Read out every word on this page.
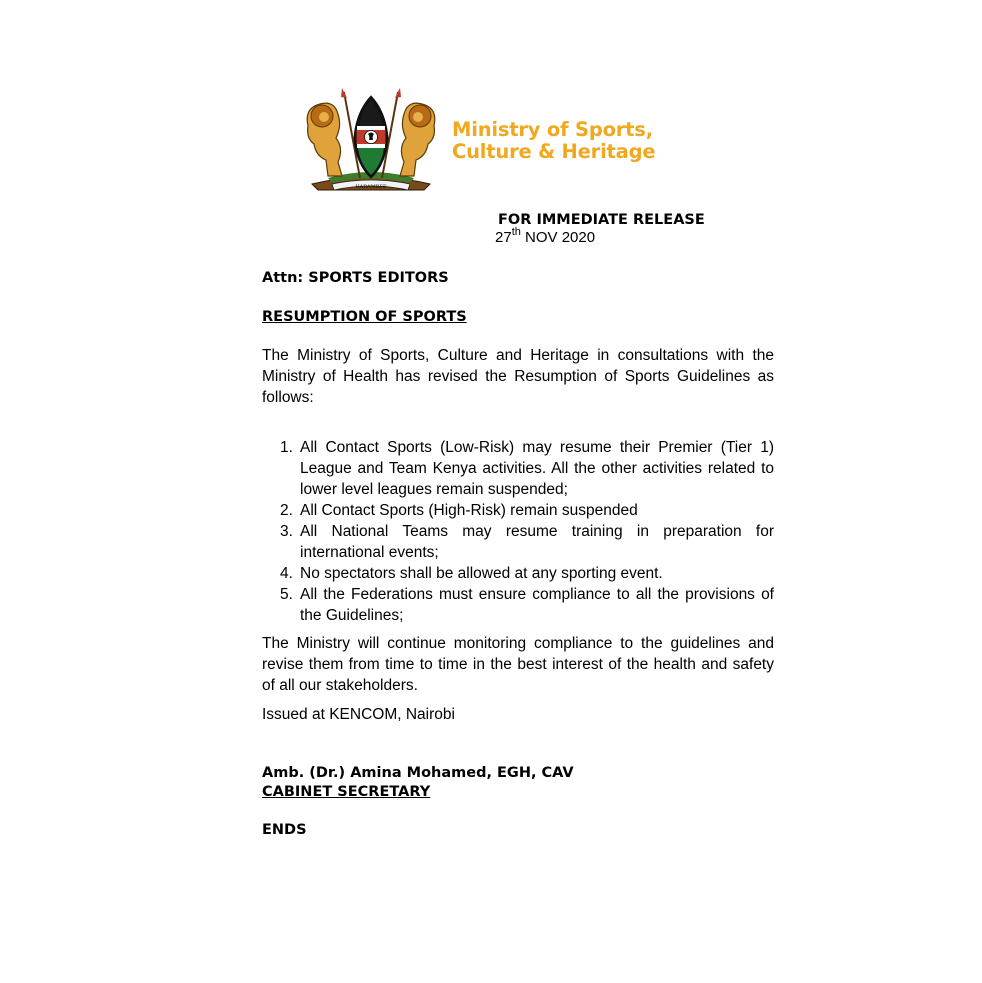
HARAMBEE
Ministry of Sports,
Culture & Heritage
FOR IMMEDIATE RELEASE
27th NOV 2020
Attn: SPORTS EDITORS
RESUMPTION OF SPORTS
The Ministry of Sports, Culture and Heritage in consultations with the Ministry of Health has revised the Resumption of Sports Guidelines as follows:
1. All Contact Sports (Low-Risk) may resume their Premier (Tier 1) League and Team Kenya activities. All the other activities related to lower level leagues remain suspended;
2. All Contact Sports (High-Risk) remain suspended
3. All National Teams may resume training in preparation for international events;
4. No spectators shall be allowed at any sporting event.
5. All the Federations must ensure compliance to all the provisions of the Guidelines;
The Ministry will continue monitoring compliance to the guidelines and revise them from time to time in the best interest of the health and safety of all our stakeholders.
Issued at KENCOM, Nairobi
Amb. (Dr.) Amina Mohamed, EGH, CAV
CABINET SECRETARY
ENDS
